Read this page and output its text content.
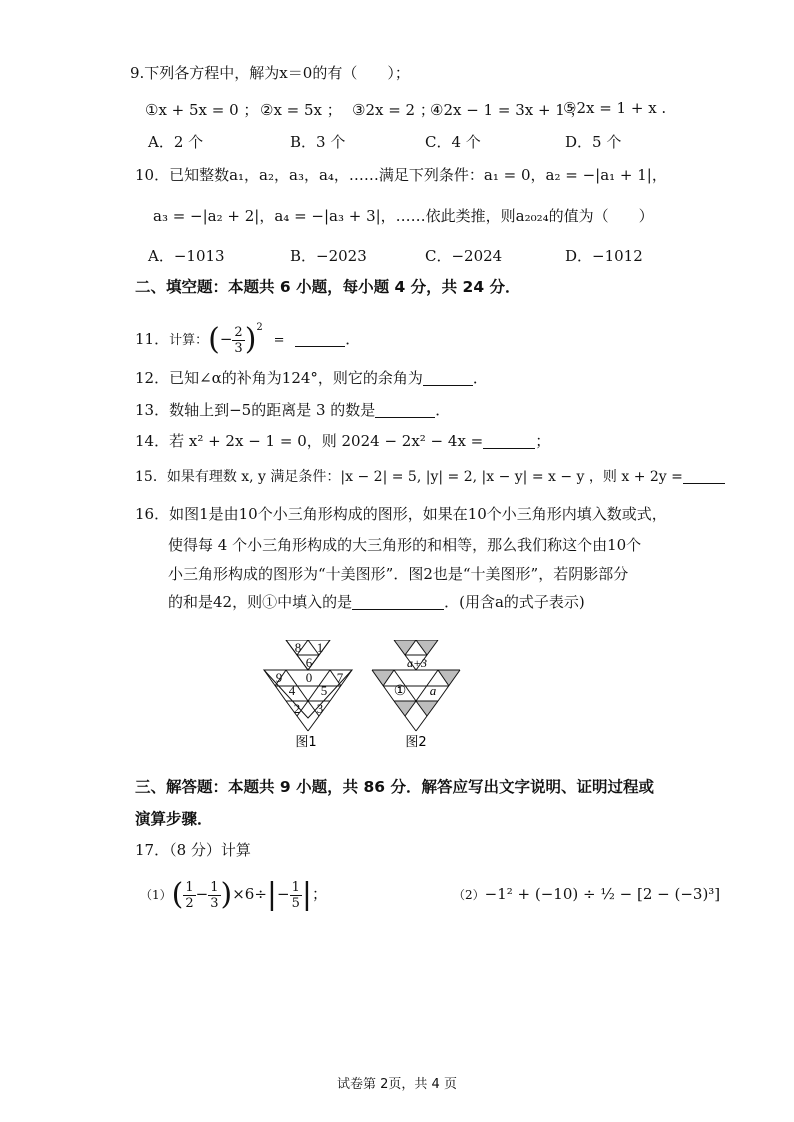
9.下列各方程中，解为x＝0的有（　　）；
①x + 5x = 0 ； ②x = 5x ； ③2x = 2 ；
④2x − 1 = 3x + 1 ；
⑤2x = 1 + x .
A．2 个	B．3 个	C．4 个	D．5 个
10．已知整数a₁，a₂，a₃，a₄，……满足下列条件：a₁ = 0，a₂ = −|a₁ + 1|，
a₃ = −|a₂ + 2|，a₄ = −|a₃ + 3|，……依此类推，则a₂₀₂₄的值为（　　）
A．−1013	B．−2023	C．−2024	D．−1012
二、填空题：本题共 6 小题，每小题 4 分，共 24 分．
11．计算：(− $\frac{2}{3} )^2$ =	．
12．已知∠α的补角为124°，则它的余角为	．
13．数轴上到−5的距离是 3 的数是	．
14．若 x² + 2x − 1 = 0，则 2024 − 2x² − 4x =	；
15．如果有理数 x, y 满足条件：|x − 2| = 5, |y| = 2, |x − y| = x − y ，则 x + 2y =
16．如图1是由10个小三角形构成的图形，如果在10个小三角形内填入数或式，
使得每 4 个小三角形构成的大三角形的和相等，那么我们称这个由10个
小三角形构成的图形为“十美图形”．图2也是“十美图形”，若阴影部分
的和是42，则①中填入的是	．(用含a的式子表示)
8
6
1
9
4
0
5
7
2 3
图1
a+3
① a
图2
三、解答题：本题共 9 小题，共 86 分．解答应写出文字说明、证明过程或
演算步骤．
17．（8 分）计算
$(1)( \frac{1}{2} - \frac{1}{3} )\times 6\div|- \frac{1}{5}$ |；	（2）−1² + (−10) ÷ ½ − [2 − (−3)³]
试卷第 2页，共 4 页
